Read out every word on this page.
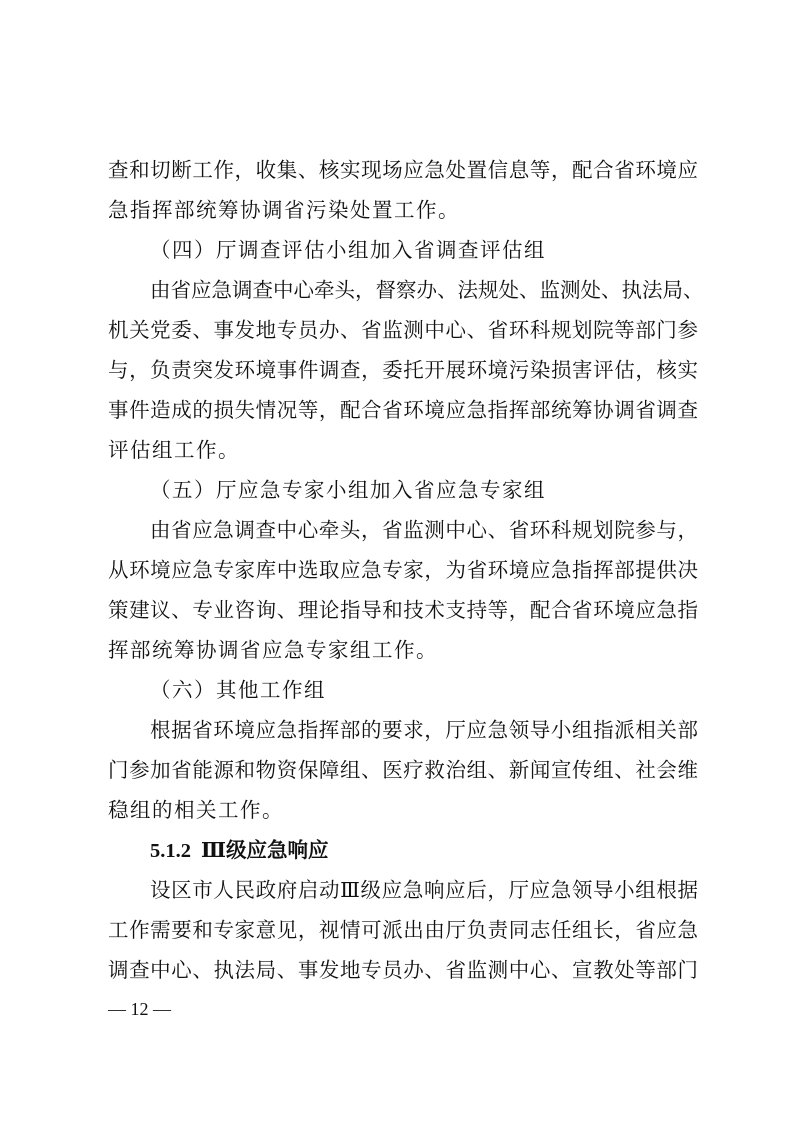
查和切断工作，收集、核实现场应急处置信息等，配合省环境应
急指挥部统筹协调省污染处置工作。
（四）厅调查评估小组加入省调查评估组
由省应急调查中心牵头，督察办、法规处、监测处、执法局、
机关党委、事发地专员办、省监测中心、省环科规划院等部门参
与，负责突发环境事件调查，委托开展环境污染损害评估，核实
事件造成的损失情况等，配合省环境应急指挥部统筹协调省调查
评估组工作。
（五）厅应急专家小组加入省应急专家组
由省应急调查中心牵头，省监测中心、省环科规划院参与，
从环境应急专家库中选取应急专家，为省环境应急指挥部提供决
策建议、专业咨询、理论指导和技术支持等，配合省环境应急指
挥部统筹协调省应急专家组工作。
（六）其他工作组
根据省环境应急指挥部的要求，厅应急领导小组指派相关部
门参加省能源和物资保障组、医疗救治组、新闻宣传组、社会维
稳组的相关工作。
5.1.2 Ⅲ级应急响应
设区市人民政府启动Ⅲ级应急响应后，厅应急领导小组根据
工作需要和专家意见，视情可派出由厅负责同志任组长，省应急
调查中心、执法局、事发地专员办、省监测中心、宣教处等部门
— 12 —
